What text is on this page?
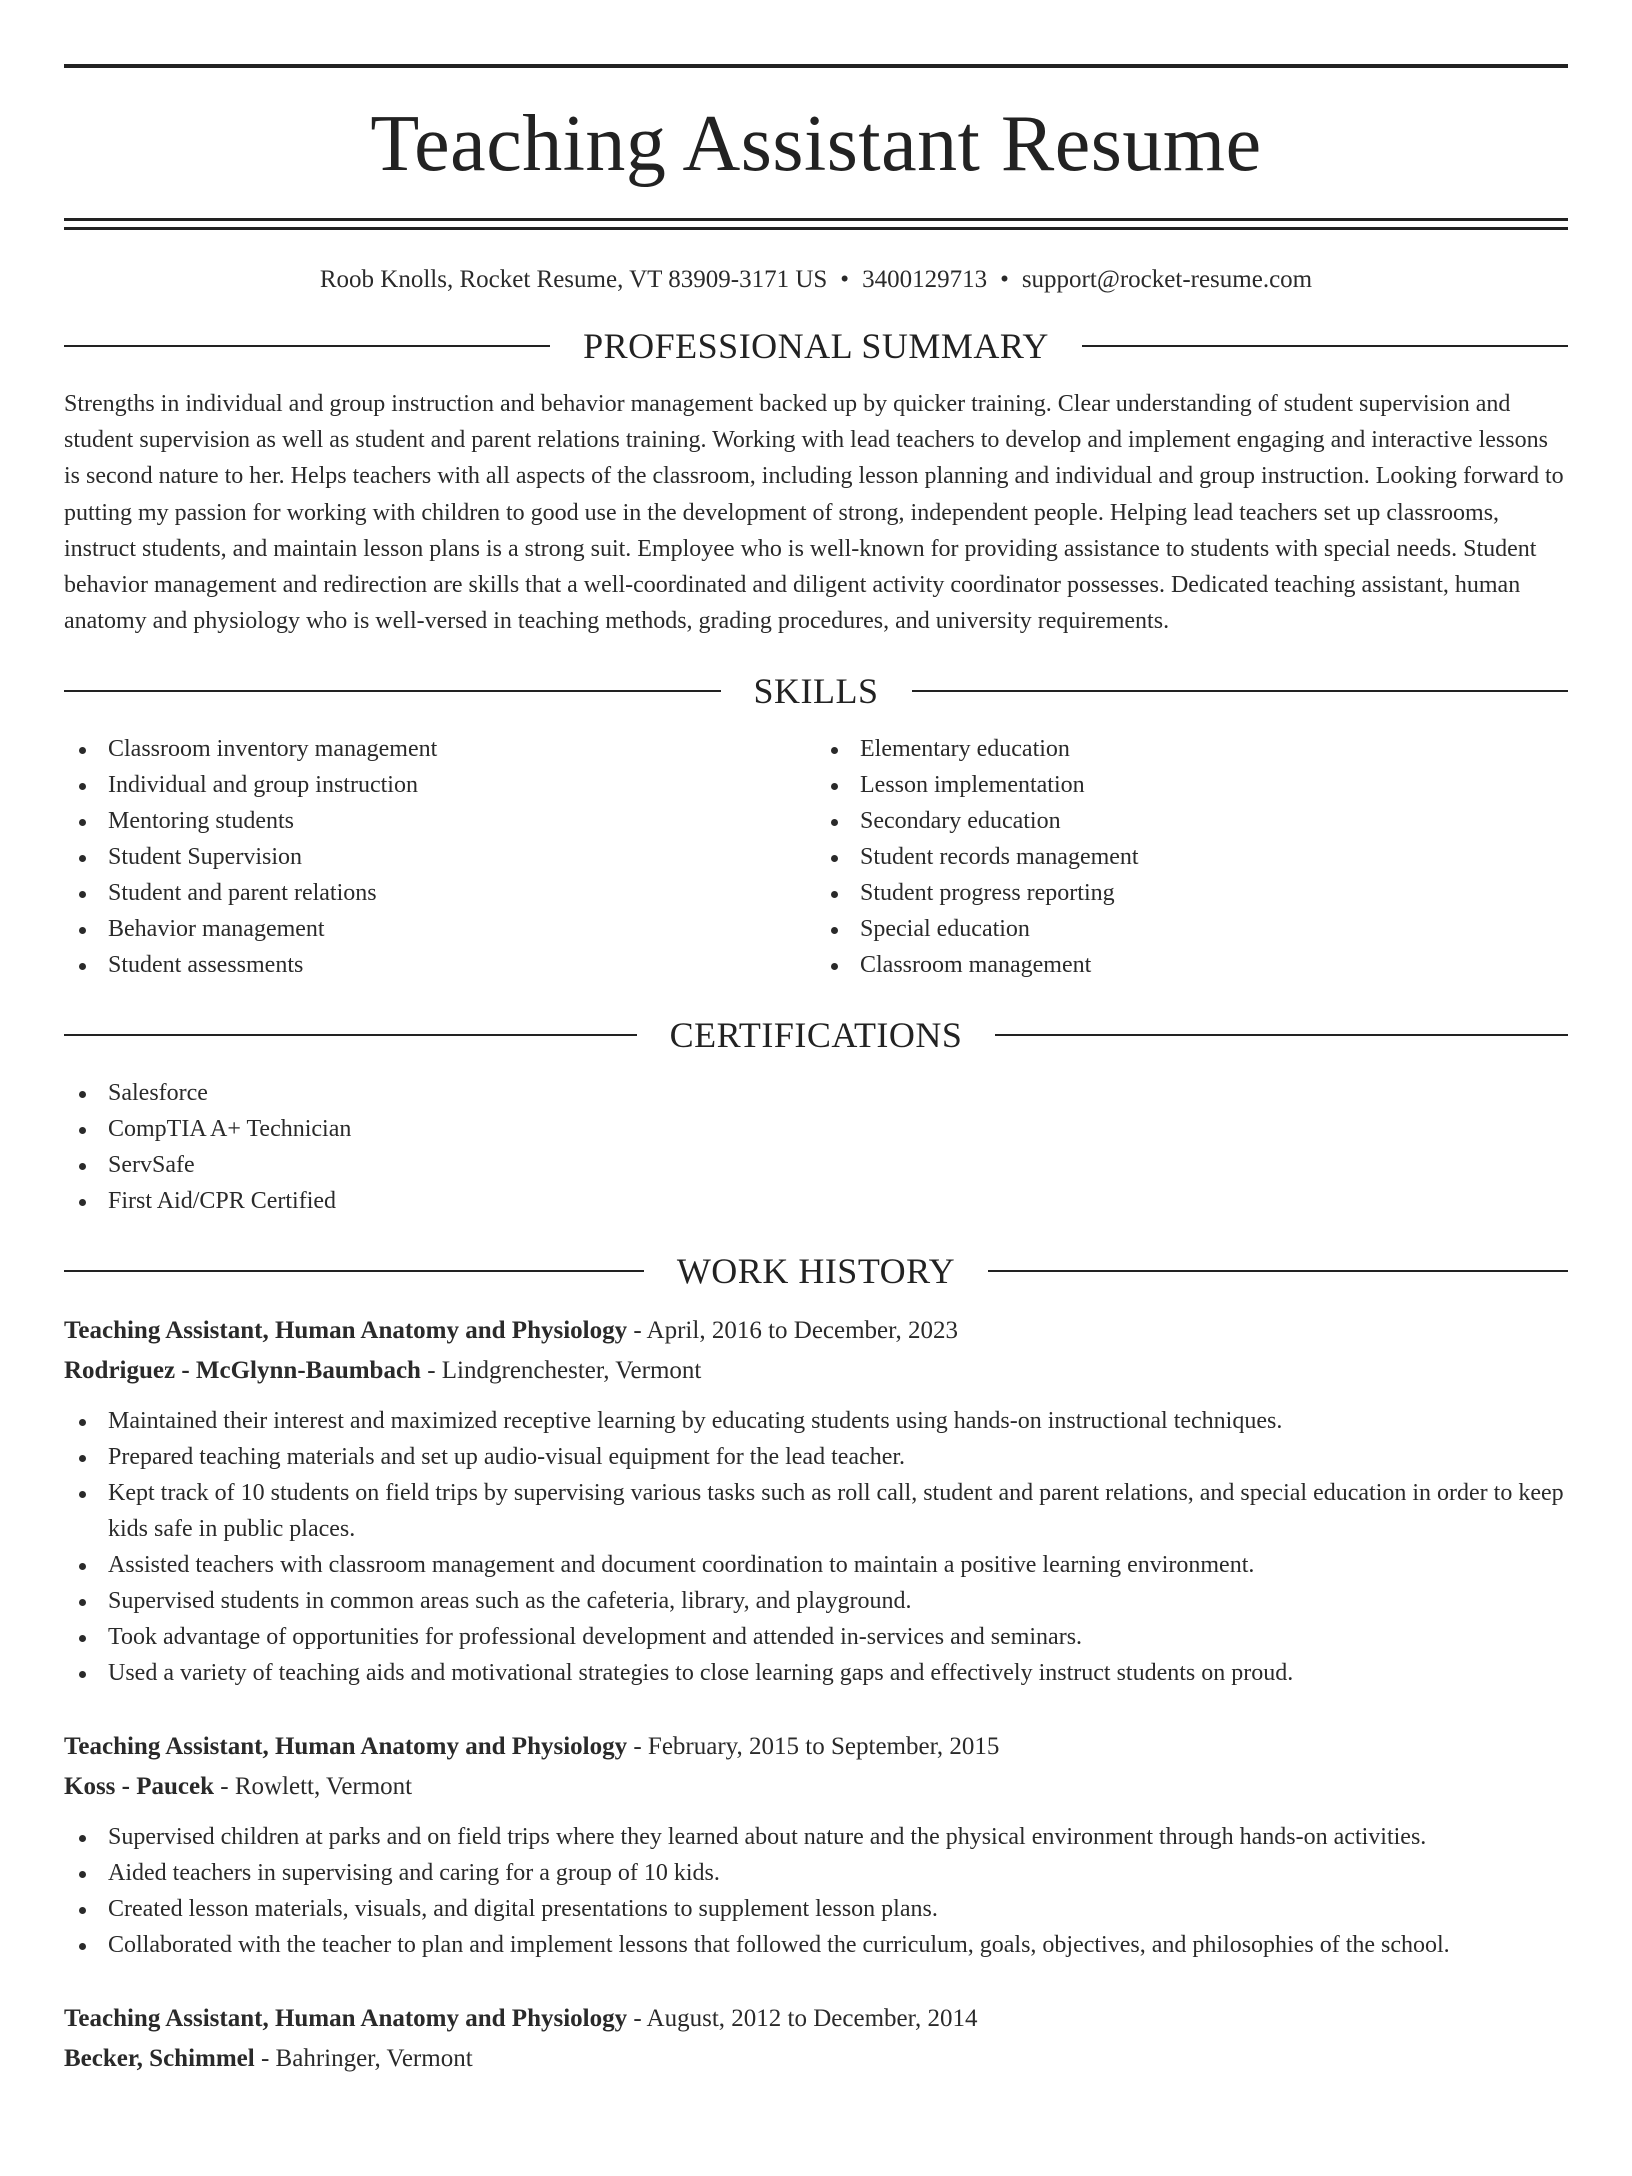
Teaching Assistant Resume
Roob Knolls, Rocket Resume, VT 83909-3171 US • 3400129713 • support@rocket-resume.com
PROFESSIONAL SUMMARY
Strengths in individual and group instruction and behavior management backed up by quicker training. Clear understanding of student supervision and student supervision as well as student and parent relations training. Working with lead teachers to develop and implement engaging and interactive lessons is second nature to her. Helps teachers with all aspects of the classroom, including lesson planning and individual and group instruction. Looking forward to putting my passion for working with children to good use in the development of strong, independent people. Helping lead teachers set up classrooms, instruct students, and maintain lesson plans is a strong suit. Employee who is well-known for providing assistance to students with special needs. Student behavior management and redirection are skills that a well-coordinated and diligent activity coordinator possesses. Dedicated teaching assistant, human anatomy and physiology who is well-versed in teaching methods, grading procedures, and university requirements.
SKILLS
Classroom inventory management
Individual and group instruction
Mentoring students
Student Supervision
Student and parent relations
Behavior management
Student assessments
Elementary education
Lesson implementation
Secondary education
Student records management
Student progress reporting
Special education
Classroom management
CERTIFICATIONS
Salesforce
CompTIA A+ Technician
ServSafe
First Aid/CPR Certified
WORK HISTORY
Teaching Assistant, Human Anatomy and Physiology - April, 2016 to December, 2023
Rodriguez - McGlynn-Baumbach - Lindgrenchester, Vermont
Maintained their interest and maximized receptive learning by educating students using hands-on instructional techniques.
Prepared teaching materials and set up audio-visual equipment for the lead teacher.
Kept track of 10 students on field trips by supervising various tasks such as roll call, student and parent relations, and special education in order to keep kids safe in public places.
Assisted teachers with classroom management and document coordination to maintain a positive learning environment.
Supervised students in common areas such as the cafeteria, library, and playground.
Took advantage of opportunities for professional development and attended in-services and seminars.
Used a variety of teaching aids and motivational strategies to close learning gaps and effectively instruct students on proud.
Teaching Assistant, Human Anatomy and Physiology - February, 2015 to September, 2015
Koss - Paucek - Rowlett, Vermont
Supervised children at parks and on field trips where they learned about nature and the physical environment through hands-on activities.
Aided teachers in supervising and caring for a group of 10 kids.
Created lesson materials, visuals, and digital presentations to supplement lesson plans.
Collaborated with the teacher to plan and implement lessons that followed the curriculum, goals, objectives, and philosophies of the school.
Teaching Assistant, Human Anatomy and Physiology - August, 2012 to December, 2014
Becker, Schimmel - Bahringer, Vermont
